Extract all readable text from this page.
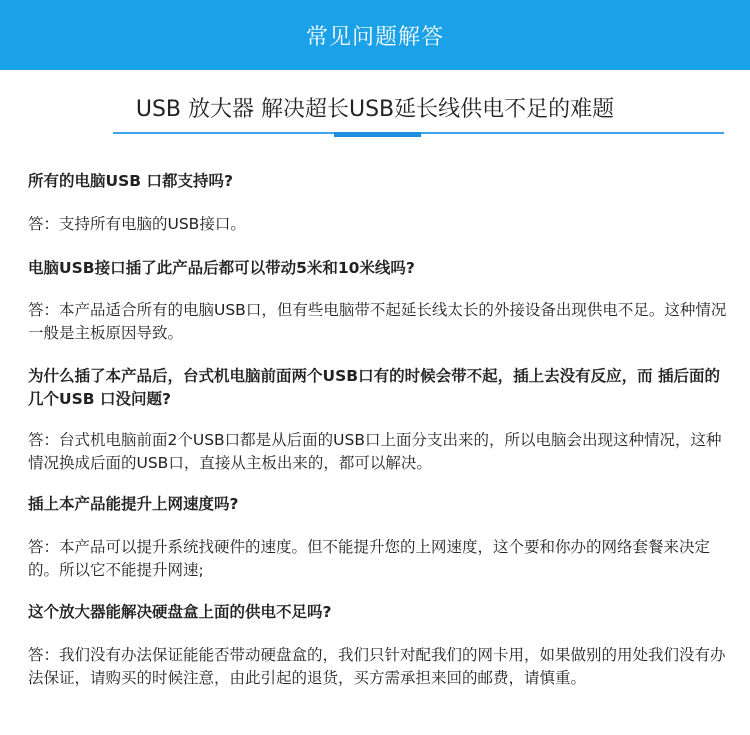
常见问题解答
USB 放大器 解决超长USB延长线供电不足的难题
所有的电脑USB 口都支持吗?
答：支持所有电脑的USB接口。
电脑USB接口插了此产品后都可以带动5米和10米线吗?
答：本产品适合所有的电脑USB口，但有些电脑带不起延长线太长的外接设备出现供电不足。这种情况一般是主板原因导致。
为什么插了本产品后，台式机电脑前面两个USB口有的时候会带不起，插上去没有反应，而 插后面的几个USB 口没问题?
答：台式机电脑前面2个USB口都是从后面的USB口上面分支出来的，所以电脑会出现这种情况，这种情况换成后面的USB口，直接从主板出来的，都可以解决。
插上本产品能提升上网速度吗?
答：本产品可以提升系统找硬件的速度。但不能提升您的上网速度，这个要和你办的网络套餐来决定的。所以它不能提升网速;
这个放大器能解决硬盘盒上面的供电不足吗?
答：我们没有办法保证能能否带动硬盘盒的，我们只针对配我们的网卡用，如果做别的用处我们没有办法保证，请购买的时候注意，由此引起的退货，买方需承担来回的邮费，请慎重。
